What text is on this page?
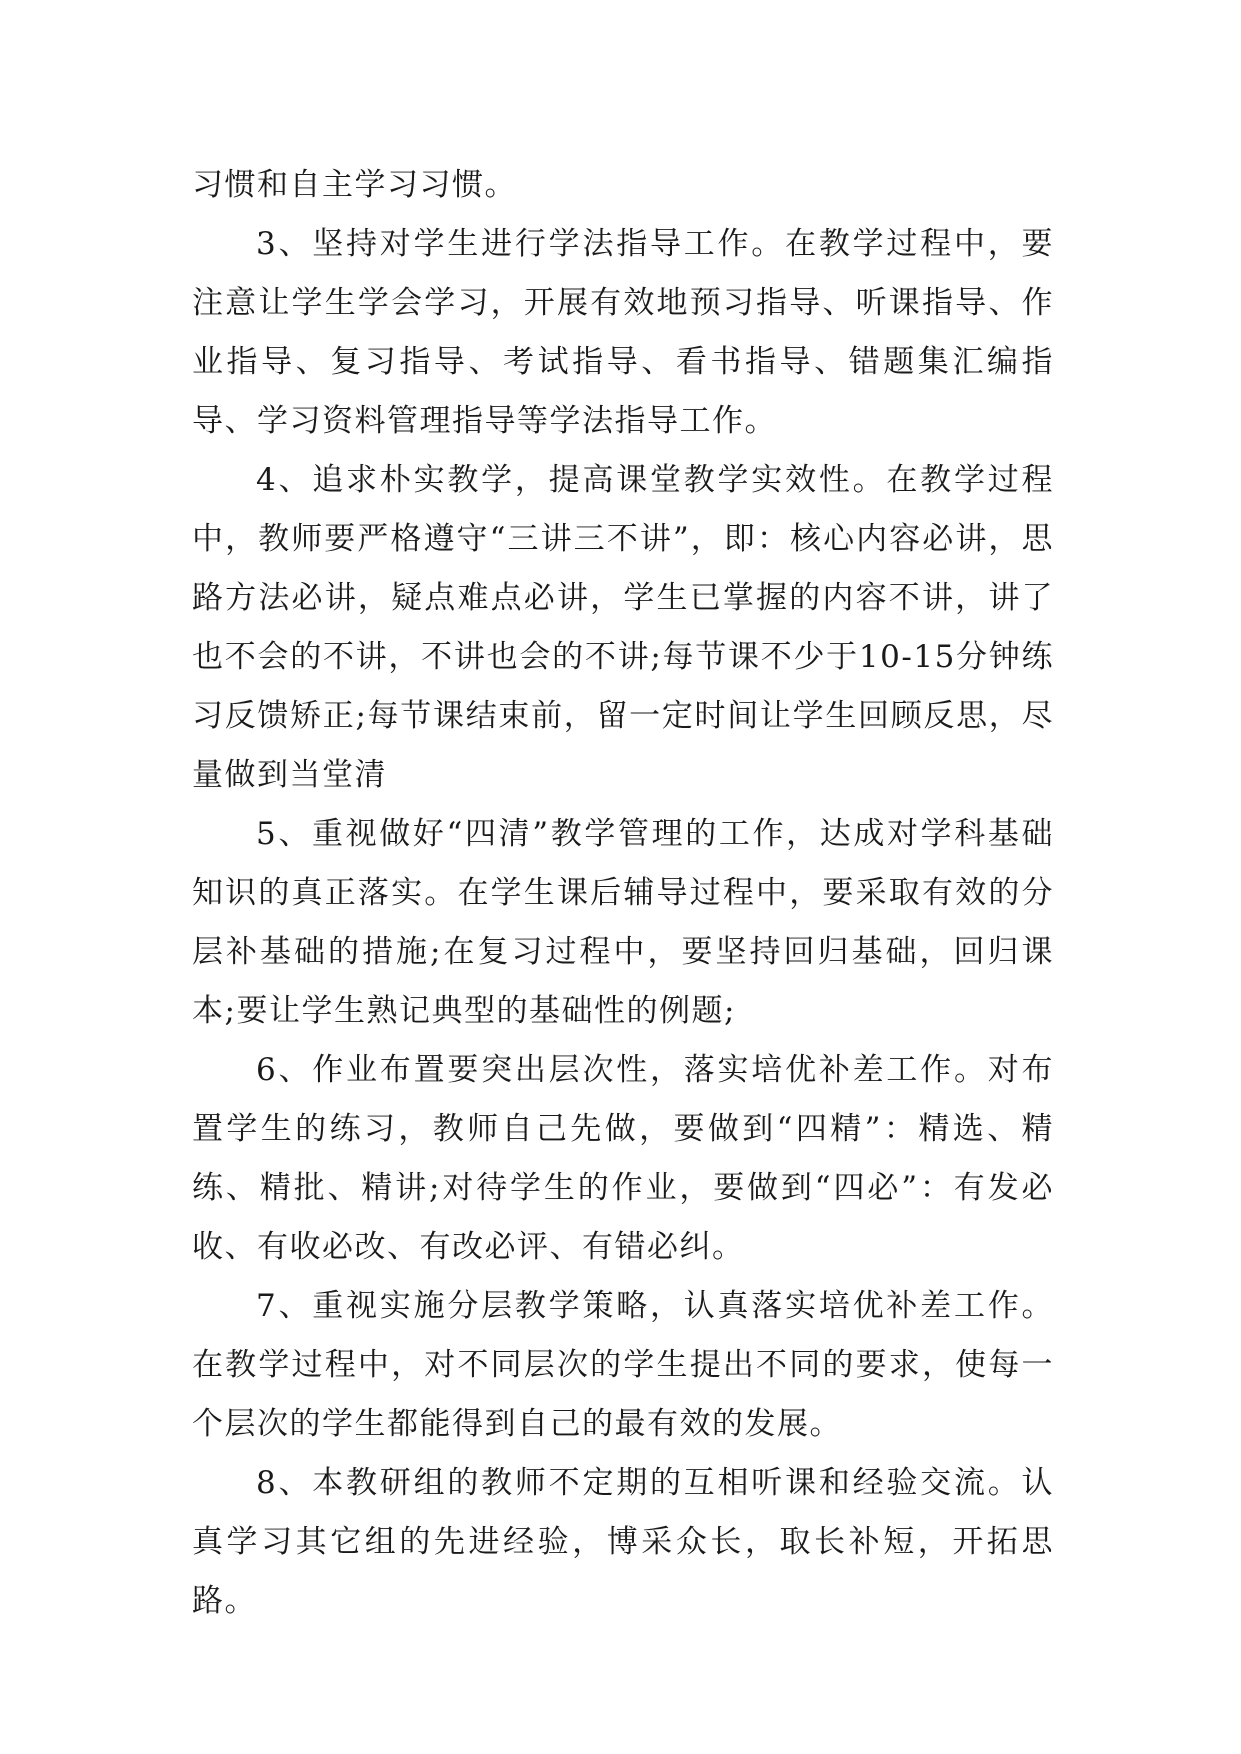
习惯和自主学习习惯。

3、坚持对学生进行学法指导工作。在教学过程中，要注意让学生学会学习，开展有效地预习指导、听课指导、作业指导、复习指导、考试指导、看书指导、错题集汇编指导、学习资料管理指导等学法指导工作。

4、追求朴实教学，提高课堂教学实效性。在教学过程中，教师要严格遵守“三讲三不讲”，即：核心内容必讲，思路方法必讲，疑点难点必讲，学生已掌握的内容不讲，讲了也不会的不讲，不讲也会的不讲;每节课不少于10-15分钟练习反馈矫正;每节课结束前，留一定时间让学生回顾反思，尽量做到当堂清

5、重视做好“四清”教学管理的工作，达成对学科基础知识的真正落实。在学生课后辅导过程中，要采取有效的分层补基础的措施;在复习过程中，要坚持回归基础，回归课本;要让学生熟记典型的基础性的例题;

6、作业布置要突出层次性，落实培优补差工作。对布置学生的练习，教师自己先做，要做到“四精”：精选、精练、精批、精讲;对待学生的作业，要做到“四必”：有发必收、有收必改、有改必评、有错必纠。

7、重视实施分层教学策略，认真落实培优补差工作。在教学过程中，对不同层次的学生提出不同的要求，使每一个层次的学生都能得到自己的最有效的发展。

8、本教研组的教师不定期的互相听课和经验交流。认真学习其它组的先进经验，博采众长，取长补短，开拓思路。
